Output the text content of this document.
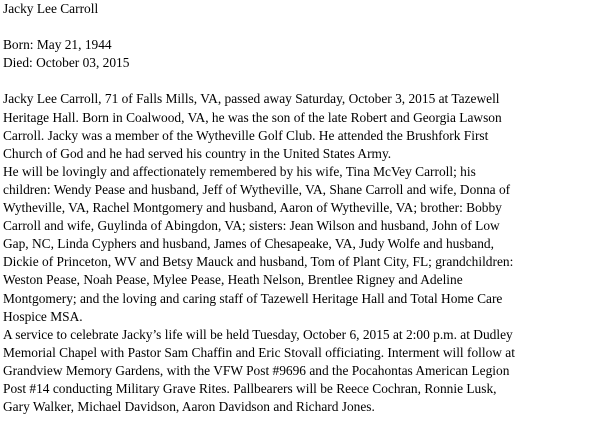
Jacky Lee Carroll
Born: May 21, 1944
Died: October 03, 2015
Jacky Lee Carroll, 71 of Falls Mills, VA, passed away Saturday, October 3, 2015 at Tazewell
Heritage Hall. Born in Coalwood, VA, he was the son of the late Robert and Georgia Lawson
Carroll. Jacky was a member of the Wytheville Golf Club. He attended the Brushfork First
Church of God and he had served his country in the United States Army.
He will be lovingly and affectionately remembered by his wife, Tina McVey Carroll; his
children: Wendy Pease and husband, Jeff of Wytheville, VA, Shane Carroll and wife, Donna of
Wytheville, VA, Rachel Montgomery and husband, Aaron of Wytheville, VA; brother: Bobby
Carroll and wife, Guylinda of Abingdon, VA; sisters: Jean Wilson and husband, John of Low
Gap, NC, Linda Cyphers and husband, James of Chesapeake, VA, Judy Wolfe and husband,
Dickie of Princeton, WV and Betsy Mauck and husband, Tom of Plant City, FL; grandchildren:
Weston Pease, Noah Pease, Mylee Pease, Heath Nelson, Brentlee Rigney and Adeline
Montgomery; and the loving and caring staff of Tazewell Heritage Hall and Total Home Care
Hospice MSA.
A service to celebrate Jacky’s life will be held Tuesday, October 6, 2015 at 2:00 p.m. at Dudley
Memorial Chapel with Pastor Sam Chaffin and Eric Stovall officiating. Interment will follow at
Grandview Memory Gardens, with the VFW Post #9696 and the Pocahontas American Legion
Post #14 conducting Military Grave Rites. Pallbearers will be Reece Cochran, Ronnie Lusk,
Gary Walker, Michael Davidson, Aaron Davidson and Richard Jones.
